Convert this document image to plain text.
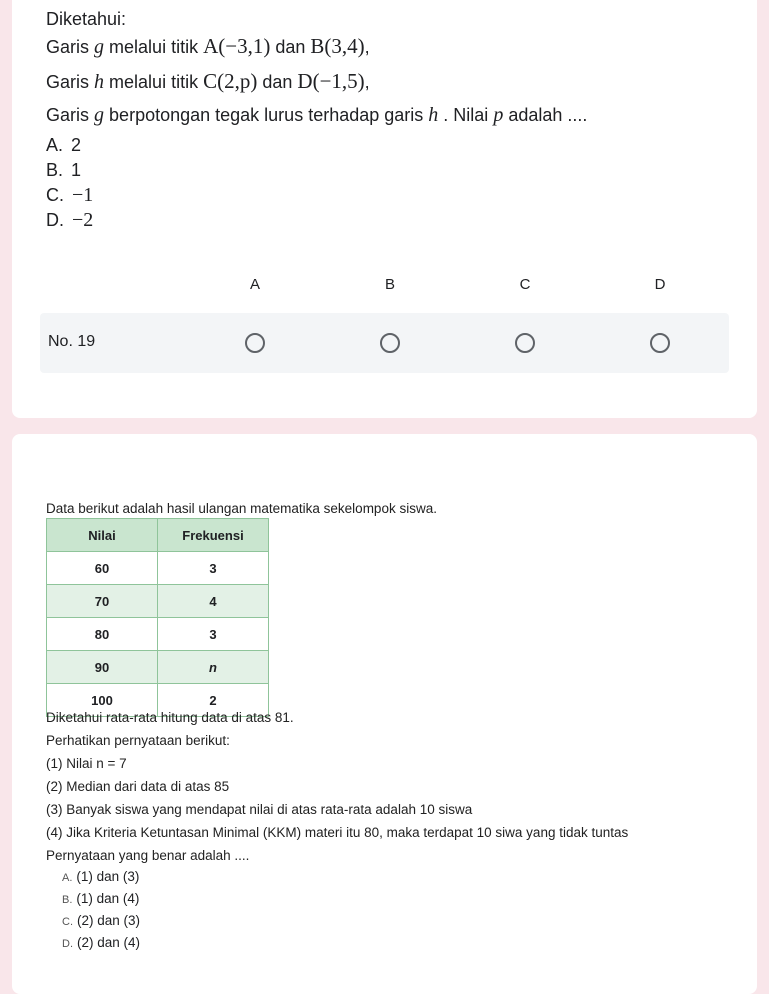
Diketahui:
Garis g melalui titik A(−3,1) dan B(3,4),
Garis h melalui titik C(2,p) dan D(−1,5),
Garis g berpotongan tegak lurus terhadap garis h . Nilai p adalah ....
A. 2
B. 1
C. −1
D. −2
A	B	C	D
No. 19
Data berikut adalah hasil ulangan matematika sekelompok siswa.
Nilai	Frekuensi
60	3
70	4
80	3
90	n
100	2
Diketahui rata-rata hitung data di atas 81.
Perhatikan pernyataan berikut:
(1) Nilai n = 7
(2) Median dari data di atas 85
(3) Banyak siswa yang mendapat nilai di atas rata-rata adalah 10 siswa
(4) Jika Kriteria Ketuntasan Minimal (KKM) materi itu 80, maka terdapat 10 siwa yang tidak tuntas
Pernyataan yang benar adalah ....
A. (1) dan (3)
B. (1) dan (4)
C. (2) dan (3)
D. (2) dan (4)
